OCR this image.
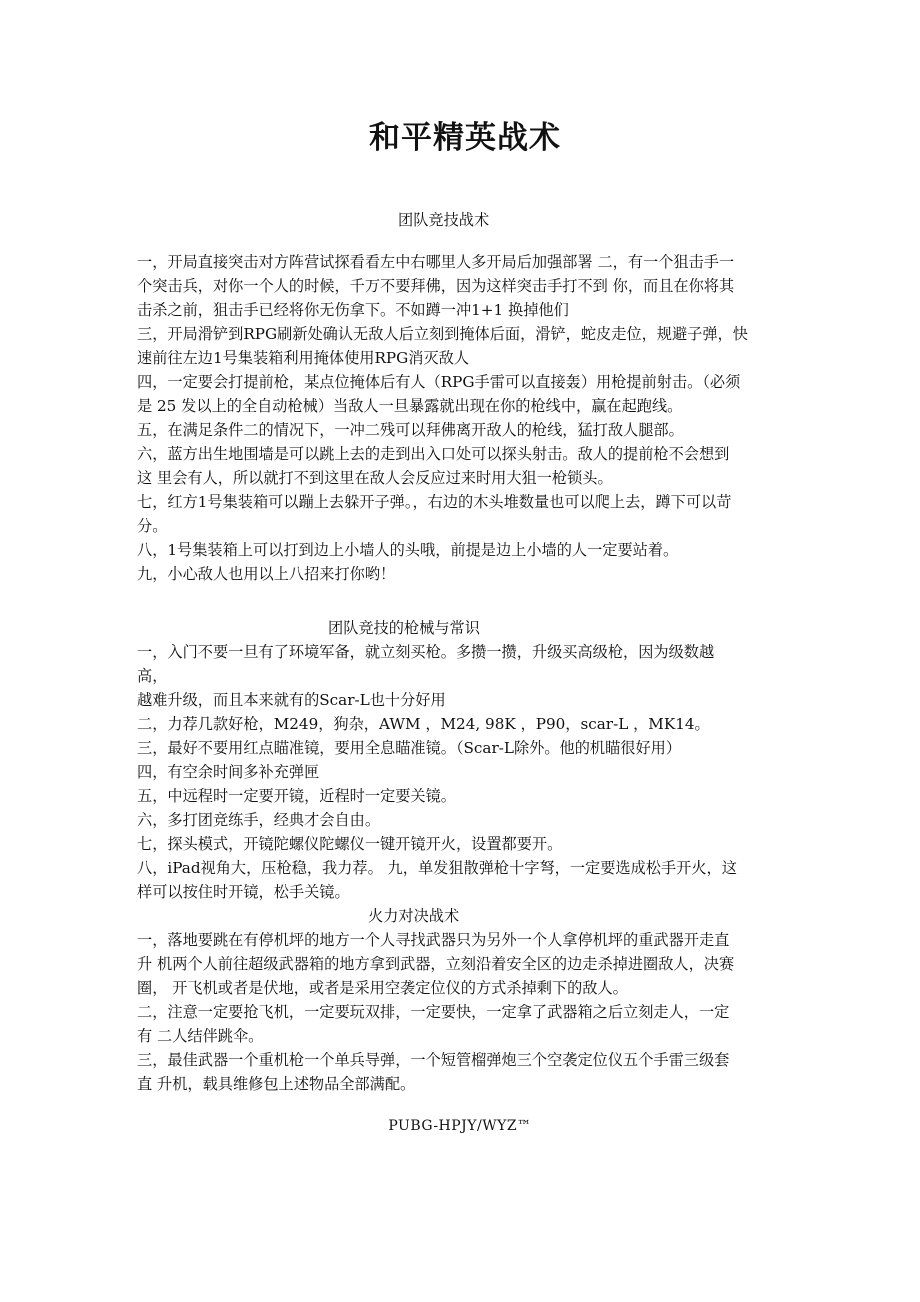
和平精英战术
团队竞技战术
一，开局直接突击对方阵营试探看看左中右哪里人多开局后加强部署 二，有一个狙击手一
个突击兵，对你一个人的时候，千万不要拜佛，因为这样突击手打不到 你，而且在你将其
击杀之前，狙击手已经将你无伤拿下。不如蹲一冲1+1 换掉他们
三，开局滑铲到RPG刷新处确认无敌人后立刻到掩体后面，滑铲，蛇皮走位，规避子弹，快
速前往左边1号集装箱利用掩体使用RPG消灭敌人
四，一定要会打提前枪，某点位掩体后有人（RPG手雷可以直接轰）用枪提前射击。（必须
是 25 发以上的全自动枪械）当敌人一旦暴露就出现在你的枪线中，赢在起跑线。
五，在满足条件二的情况下，一冲二残可以拜佛离开敌人的枪线，猛打敌人腿部。
六，蓝方出生地围墙是可以跳上去的走到出入口处可以探头射击。敌人的提前枪不会想到
这 里会有人，所以就打不到这里在敌人会反应过来时用大狙一枪锁头。
七，红方1号集装箱可以蹦上去躲开子弹。，右边的木头堆数量也可以爬上去，蹲下可以苛
分。
八，1号集装箱上可以打到边上小墙人的头哦，前提是边上小墙的人一定要站着。
九，小心敌人也用以上八招来打你哟！
团队竞技的枪械与常识
一，入门不要一旦有了环境军备，就立刻买枪。多攒一攒，升级买高级枪，因为级数越
高，
越难升级，而且本来就有的Scar-L也十分好用
二，力荐几款好枪，M249，狗杂，AWM ，M24, 98K ，P90，scar-L ，MK14。
三，最好不要用红点瞄准镜，要用全息瞄准镜。（Scar-L除外。他的机瞄很好用）
四，有空余时间多补充弹匣
五，中远程时一定要开镜，近程时一定要关镜。
六，多打团竞练手，经典才会自由。
七，探头模式，开镜陀螺仪陀螺仪一键开镜开火，设置都要开。
八，iPad视角大，压枪稳，我力荐。 九，单发狙散弹枪十字弩，一定要选成松手开火，这
样可以按住时开镜，松手关镜。
火力对决战术
一，落地要跳在有停机坪的地方一个人寻找武器只为另外一个人拿停机坪的重武器开走直
升 机两个人前往超级武器箱的地方拿到武器，立刻沿着安全区的边走杀掉进圈敌人，决赛
圈， 开飞机或者是伏地，或者是采用空袭定位仪的方式杀掉剩下的敌人。
二，注意一定要抢飞机，一定要玩双排，一定要快，一定拿了武器箱之后立刻走人，一定
有 二人结伴跳伞。
三，最佳武器一个重机枪一个单兵导弹，一个短管榴弹炮三个空袭定位仪五个手雷三级套
直 升机，载具维修包上述物品全部满配。
PUBG-HPJY/WYZ™
